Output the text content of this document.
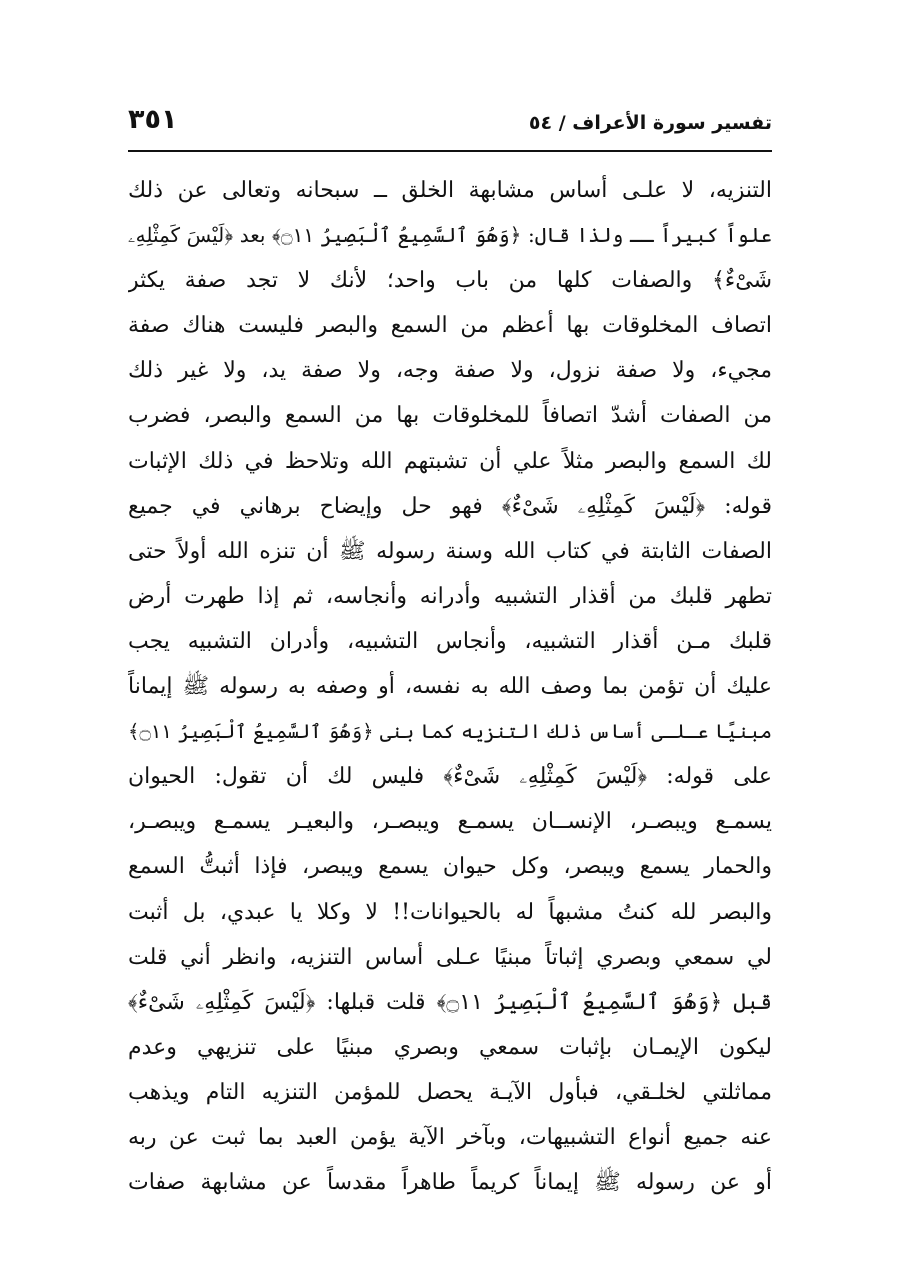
تفسير سورة الأعراف / ٥٤
٣٥١
التنزيه، لا علـى أساس مشابهة الخلق ــ سبحانه وتعالى عن ذلك
علواً كبيراً ــ ولذا قال: ﴿وَهُوَ ٱلسَّمِيعُ ٱلْبَصِيرُ ۝١١﴾ بعد ﴿لَيْسَ كَمِثْلِهِۦ
شَىْءٌ﴾ والصفات كلها من باب واحد؛ لأنك لا تجد صفة يكثر
اتصاف المخلوقات بها أعظم من السمع والبصر فليست هناك صفة
مجيء، ولا صفة نزول، ولا صفة وجه، ولا صفة يد، ولا غير ذلك
من الصفات أشدّ اتصافاً للمخلوقات بها من السمع والبصر، فضرب
لك السمع والبصر مثلاً علي أن تشبتهم الله وتلاحظ في ذلك الإثبات
قوله: ﴿لَيْسَ كَمِثْلِهِۦ شَىْءٌ﴾ فهو حل وإيضاح برهاني في جميع
الصفات الثابتة في كتاب الله وسنة رسوله ﷺ أن تنزه الله أولاً حتى
تطهر قلبك من أقذار التشبيه وأدرانه وأنجاسه، ثم إذا طهرت أرض
قلبك مـن أقذار التشبيه، وأنجاس التشبيه، وأدران التشبيه يجب
عليك أن تؤمن بما وصف الله به نفسه، أو وصفه به رسوله ﷺ إيماناً
مبنيًا عـلـى أساس ذلك التنزيه كما بنى ﴿وَهُوَ ٱلسَّمِيعُ ٱلْبَصِيرُ ۝١١﴾
على قوله: ﴿لَيْسَ كَمِثْلِهِۦ شَىْءٌ﴾ فليس لك أن تقول: الحيوان
يسمـع ويبصـر، الإنســان يسمـع ويبصـر، والبعيـر يسمـع ويبصـر،
والحمار يسمع ويبصر، وكل حيوان يسمع ويبصر، فإذا أثبتُّ السمع
والبصر لله كنتُ مشبهاً له بالحيوانات!! لا وكلا يا عبدي، بل أثبت
لي سمعي وبصري إثباتاً مبنيًا عـلى أساس التنزيه، وانظر أني قلت
قبل ﴿وَهُوَ ٱلسَّمِيعُ ٱلْبَصِيرُ ۝١١﴾ قلت قبلها: ﴿لَيْسَ كَمِثْلِهِۦ شَىْءٌ﴾
ليكون الإيمـان بإثبات سمعي وبصري مبنيًا على تنزيهي وعدم
مماثلتي لخلـقي، فبأول الآيـة يحصل للمؤمن التنزيه التام ويذهب
عنه جميع أنواع التشبيهات، وبآخر الآية يؤمن العبد بما ثبت عن ربه
أو عن رسوله ﷺ إيماناً كريماً طاهراً مقدساً عن مشابهة صفات
